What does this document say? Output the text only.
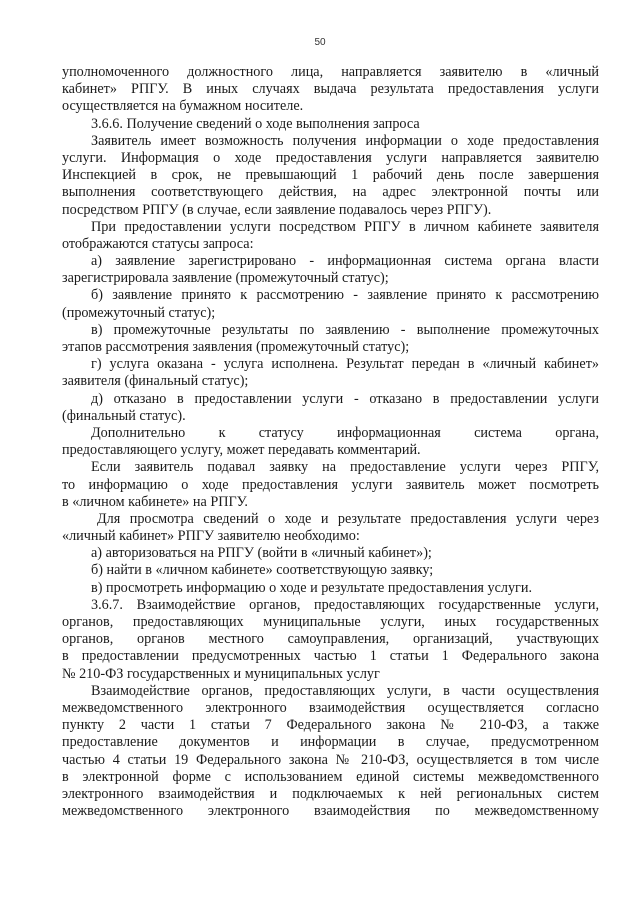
50
уполномоченного должностного лица, направляется заявителю в «личный
кабинет» РПГУ. В иных случаях выдача результата предоставления услуги
осуществляется на бумажном носителе.
3.6.6. Получение сведений о ходе выполнения запроса
Заявитель имеет возможность получения информации о ходе предоставления
услуги. Информация о ходе предоставления услуги направляется заявителю
Инспекцией в срок, не превышающий 1 рабочий день после завершения
выполнения соответствующего действия, на адрес электронной почты или
посредством РПГУ (в случае, если заявление подавалось через РПГУ).
При предоставлении услуги посредством РПГУ в личном кабинете заявителя
отображаются статусы запроса:
а) заявление зарегистрировано - информационная система органа власти
зарегистрировала заявление (промежуточный статус);
б) заявление принято к рассмотрению - заявление принято к рассмотрению
(промежуточный статус);
в) промежуточные результаты по заявлению - выполнение промежуточных
этапов рассмотрения заявления (промежуточный статус);
г) услуга оказана - услуга исполнена. Результат передан в «личный кабинет»
заявителя (финальный статус);
д) отказано в предоставлении услуги - отказано в предоставлении услуги
(финальный статус).
Дополнительно к статусу информационная система органа,
предоставляющего услугу, может передавать комментарий.
Если заявитель подавал заявку на предоставление услуги через РПГУ,
то информацию о ходе предоставления услуги заявитель может посмотреть
в «личном кабинете» на РПГУ.
Для просмотра сведений о ходе и результате предоставления услуги через
«личный кабинет» РПГУ заявителю необходимо:
а) авторизоваться на РПГУ (войти в «личный кабинет»);
б) найти в «личном кабинете» соответствующую заявку;
в) просмотреть информацию о ходе и результате предоставления услуги.
3.6.7. Взаимодействие органов, предоставляющих государственные услуги,
органов, предоставляющих муниципальные услуги, иных государственных
органов, органов местного самоуправления, организаций, участвующих
в предоставлении предусмотренных частью 1 статьи 1 Федерального закона
№ 210-ФЗ государственных и муниципальных услуг
Взаимодействие органов, предоставляющих услуги, в части осуществления
межведомственного электронного взаимодействия осуществляется согласно
пункту 2 части 1 статьи 7 Федерального закона № 210-ФЗ, а также
предоставление документов и информации в случае, предусмотренном
частью 4 статьи 19 Федерального закона № 210-ФЗ, осуществляется в том числе
в электронной форме с использованием единой системы межведомственного
электронного взаимодействия и подключаемых к ней региональных систем
межведомственного электронного взаимодействия по межведомственному
